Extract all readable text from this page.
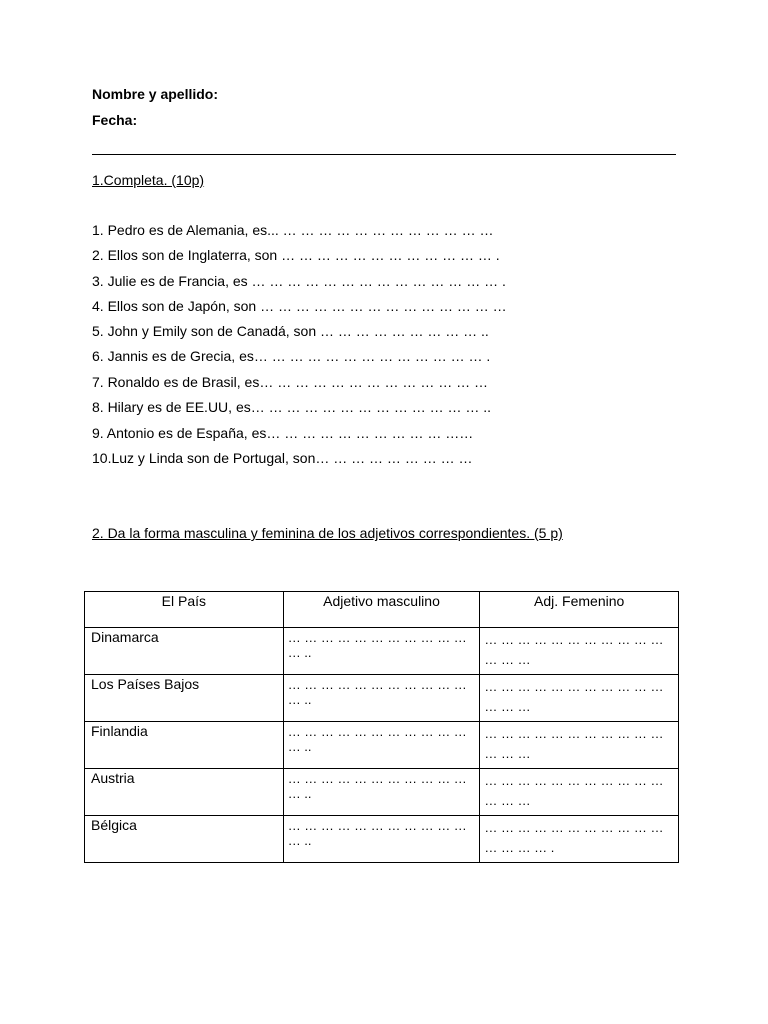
Nombre y apellido:
Fecha:
1.Completa. (10p)
1. Pedro es de Alemania, es... … … … … … … … … … … … …
2. Ellos son de Inglaterra, son … … … … … … … … … … … … .
3. Julie es de Francia, es … … … … … … … … … … … … … … .
4. Ellos son de Japón, son … … … … … … … … … … … … … …
5. John y Emily son de Canadá, son … … … … … … … … … ..
6. Jannis es de Grecia, es… … … … … … … … … … … … … .
7. Ronaldo es de Brasil, es… … … … … … … … … … … … …
8. Hilary es de EE.UU, es… … … … … … … … … … … … … ..
9. Antonio es de España, es… … … … … … … … … … ……
10.Luz y Linda son de Portugal, son… … … … … … … … …
2. Da la forma masculina y feminina de los adjetivos correspondientes. (5 p)
El País	Adjetivo masculino	Adj. Femenino
Dinamarca	… … … … … … … … … … … … ..	… … … … … … … … … … … … … …
Los Países Bajos	… … … … … … … … … … … … ..	… … … … … … … … … … … … … …
Finlandia	… … … … … … … … … … … … ..	… … … … … … … … … … … … … …
Austria	… … … … … … … … … … … … ..	… … … … … … … … … … … … … …
Bélgica	… … … … … … … … … … … … ..	… … … … … … … … … … … … … … … .
